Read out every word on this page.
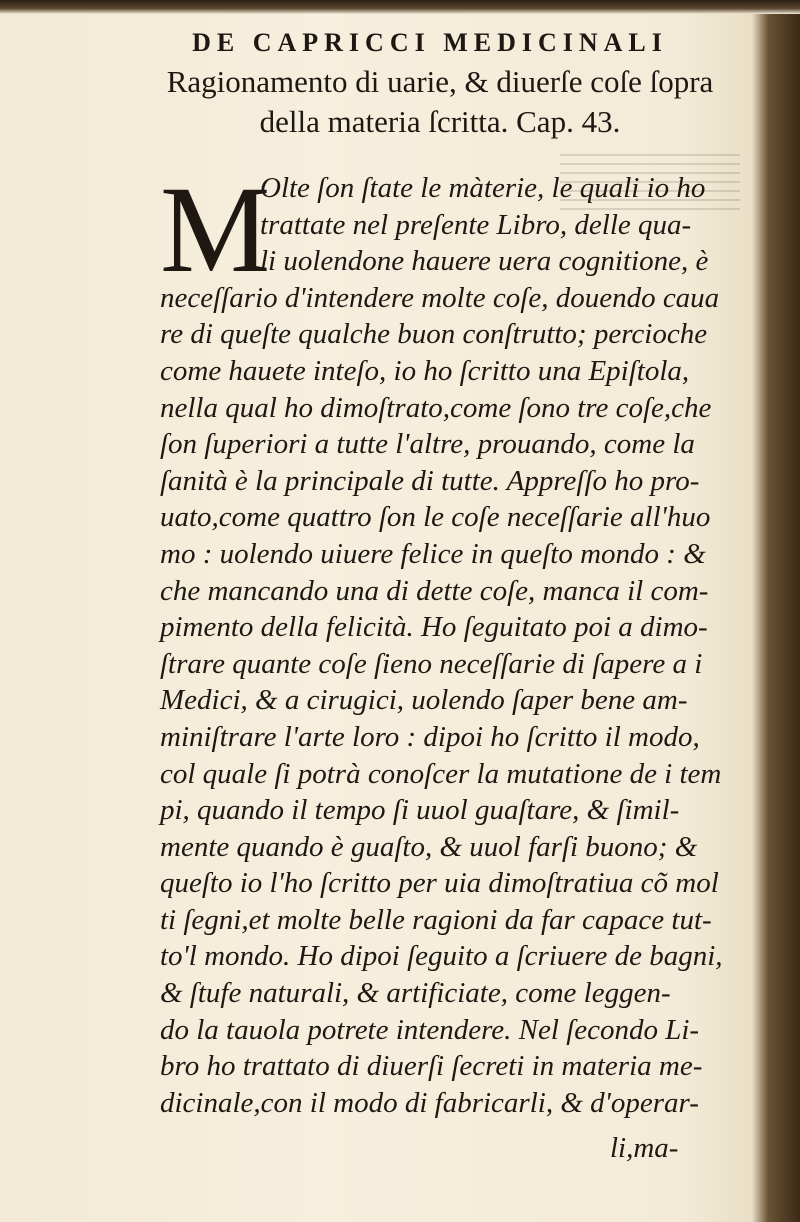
DE CAPRICCI MEDICINALI
Ragionamento di uarie, & diuerſe coſe ſopra
della materia ſcritta. Cap. 43.
M
Olte ſon ſtate le màterie, le quali io ho
trattate nel preſente Libro, delle qua-
li uolendone hauere uera cognitione, è
neceſſario d'intendere molte coſe, douendo caua
re di queſte qualche buon conſtrutto; percioche
come hauete inteſo, io ho ſcritto una Epiſtola,
nella qual ho dimoſtrato,come ſono tre coſe,che
ſon ſuperiori a tutte l'altre, prouando, come la
ſanità è la principale di tutte. Appreſſo ho pro-
uato,come quattro ſon le coſe neceſſarie all'huo
mo : uolendo uiuere felice in queſto mondo : &
che mancando una di dette coſe, manca il com-
pimento della felicità. Ho ſeguitato poi a dimo-
ſtrare quante coſe ſieno neceſſarie di ſapere a i
Medici, & a cirugici, uolendo ſaper bene am-
miniſtrare l'arte loro : dipoi ho ſcritto il modo,
col quale ſi potrà conoſcer la mutatione de i tem
pi, quando il tempo ſi uuol guaſtare, & ſimil-
mente quando è guaſto, & uuol farſi buono; &
queſto io l'ho ſcritto per uia dimoſtratiua cõ mol
ti ſegni,et molte belle ragioni da far capace tut-
to'l mondo. Ho dipoi ſeguito a ſcriuere de bagni,
& ſtufe naturali, & artificiate, come leggen-
do la tauola potrete intendere. Nel ſecondo Li-
bro ho trattato di diuerſi ſecreti in materia me-
dicinale,con il modo di fabricarli, & d'operar-
li,ma-
